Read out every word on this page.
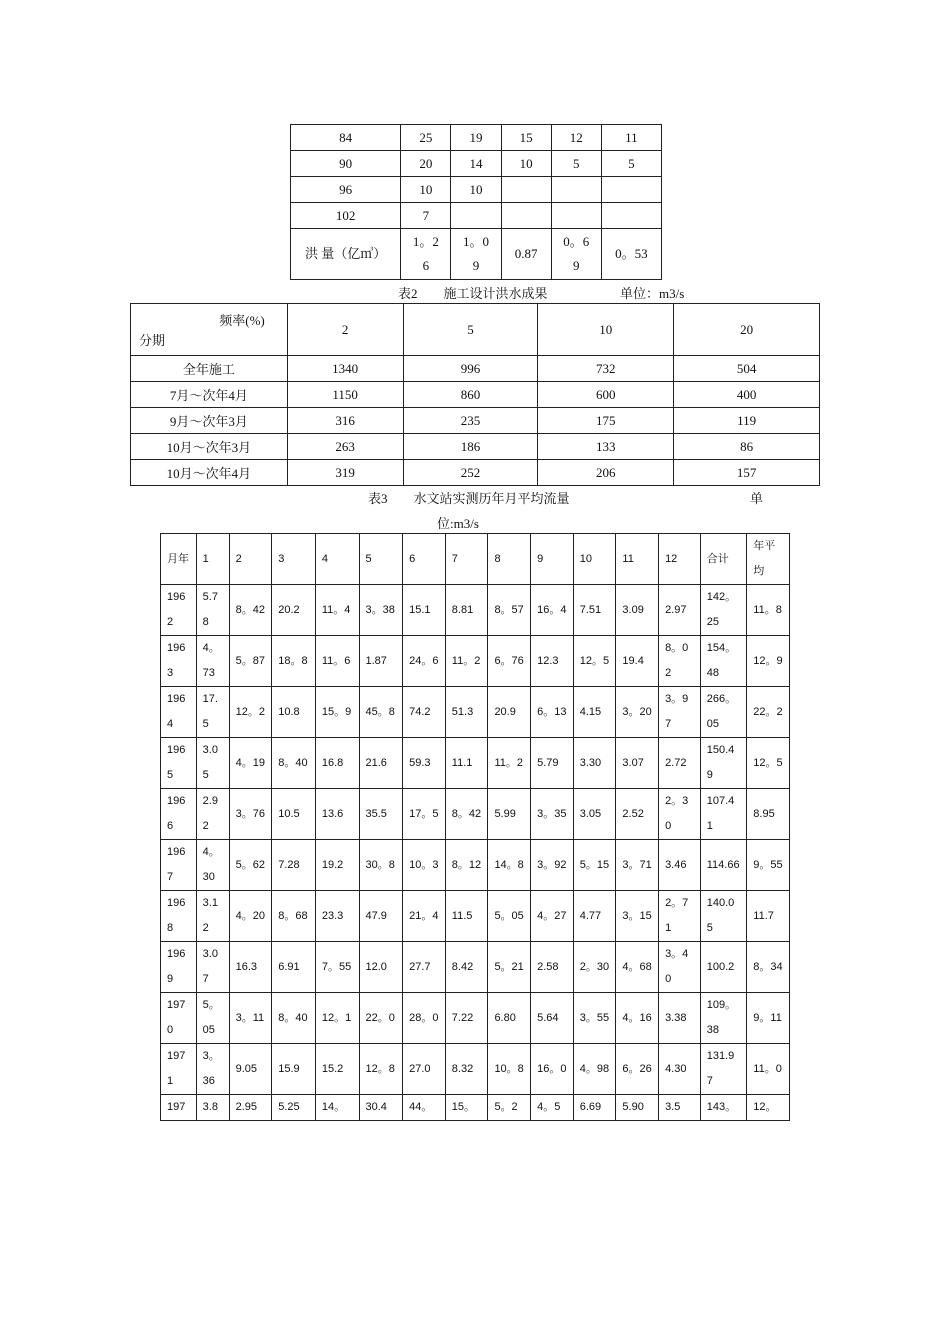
84	25	19	15	12	11
90	20	14	10	5	5
96	10	10			
102	7				
洪 量（亿㎥）	1。26	1。09	0.87	0。69	0。53
表2　　施工设计洪水成果	单位：m3/s
频率(%)
分期	2	5	10	20
全年施工	1340	996	732	504
7月～次年4月	1150	860	600	400
9月～次年3月	316	235	175	119
10月～次年3月	263	186	133	86
10月～次年4月	319	252	206	157
表3　　水文站实测历年月平均流量	单
位:m3/s
月年	1	2	3	4	5	6	7	8	9	10	11	12	合计	年平均
1962	5.78	8。42	20.2	11。4	3。38	15.1	8.81	8。57	16。4	7.51	3.09	2.97	142。25	11。8
1963	4。73	5。87	18。8	11。6	1.87	24。6	11。2	6。76	12.3	12。5	19.4	8。02	154。48	12。9
1964	17.5	12。2	10.8	15。9	45。8	74.2	51.3	20.9	6。13	4.15	3。20	3。97	266。05	22。2
1965	3.05	4。19	8。40	16.8	21.6	59.3	11.1	11。2	5.79	3.30	3.07	2.72	150.49	12。5
1966	2.92	3。76	10.5	13.6	35.5	17。5	8。42	5.99	3。35	3.05	2.52	2。30	107.41	8.95
1967	4。30	5。62	7.28	19.2	30。8	10。3	8。12	14。8	3。92	5。15	3。71	3.46	114.66	9。55
1968	3.12	4。20	8。68	23.3	47.9	21。4	11.5	5。05	4。27	4.77	3。15	2。71	140.05	11.7
1969	3.07	16.3	6.91	7。55	12.0	27.7	8.42	5。21	2.58	2。30	4。68	3。40	100.2	8。34
1970	5。05	3。11	8。40	12。1	22。0	28。0	7.22	6.80	5.64	3。55	4。16	3.38	109。38	9。11
1971	3。36	9.05	15.9	15.2	12。8	27.0	8.32	10。8	16。0	4。98	6。26	4.30	131.97	11。0
197	3.8	2.95	5.25	14。	30.4	44。	15。	5。2	4。5	6.69	5.90	3.5	143。	12。
